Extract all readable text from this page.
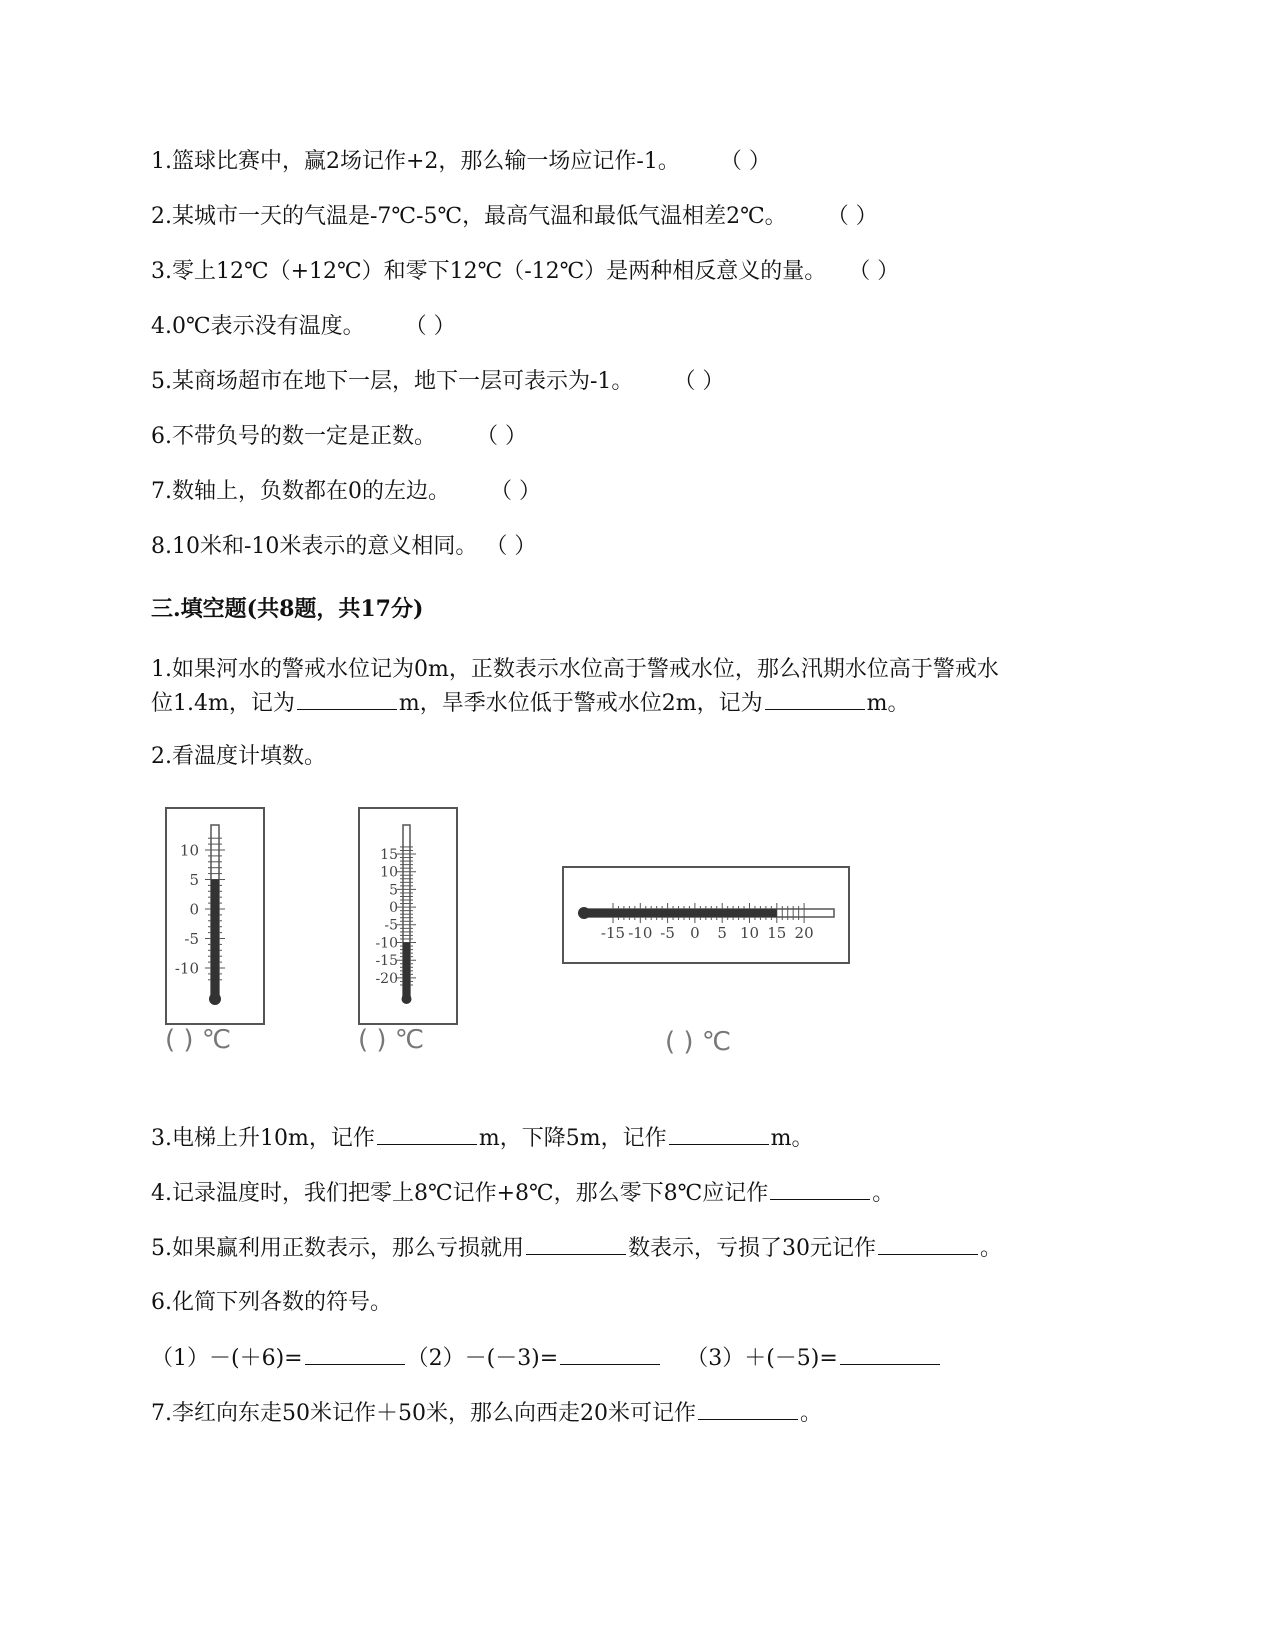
1.篮球比赛中，赢2场记作+2，那么输一场应记作-1。 （ ）
2.某城市一天的气温是-7℃-5℃，最高气温和最低气温相差2℃。 （ ）
3.零上12℃（+12℃）和零下12℃（-12℃）是两种相反意义的量。 （ ）
4.0℃表示没有温度。 （ ）
5.某商场超市在地下一层，地下一层可表示为-1。 （ ）
6.不带负号的数一定是正数。 （ ）
7.数轴上，负数都在0的左边。 （ ）
8.10米和-10米表示的意义相同。 （ ）
三.填空题(共8题，共17分)
1.如果河水的警戒水位记为0m，正数表示水位高于警戒水位，那么汛期水位高于警戒水
位1.4m，记为	m，旱季水位低于警戒水位2m，记为	m。
2.看温度计填数。
10
5
0
-5
-10
( ) ℃
15
10
5
0
-5
-10
-15
-20
( ) ℃
-15 -10 -5 0 5 10 15 20
( ) ℃
3.电梯上升10m，记作	m，下降5m，记作	m。
4.记录温度时，我们把零上8℃记作+8℃，那么零下8℃应记作	。
5.如果赢利用正数表示，那么亏损就用	数表示，亏损了30元记作	。
6.化简下列各数的符号。
（1）－(＋6)=	（2）－(－3)=	（3）＋(－5)=
7.李红向东走50米记作＋50米，那么向西走20米可记作	。
